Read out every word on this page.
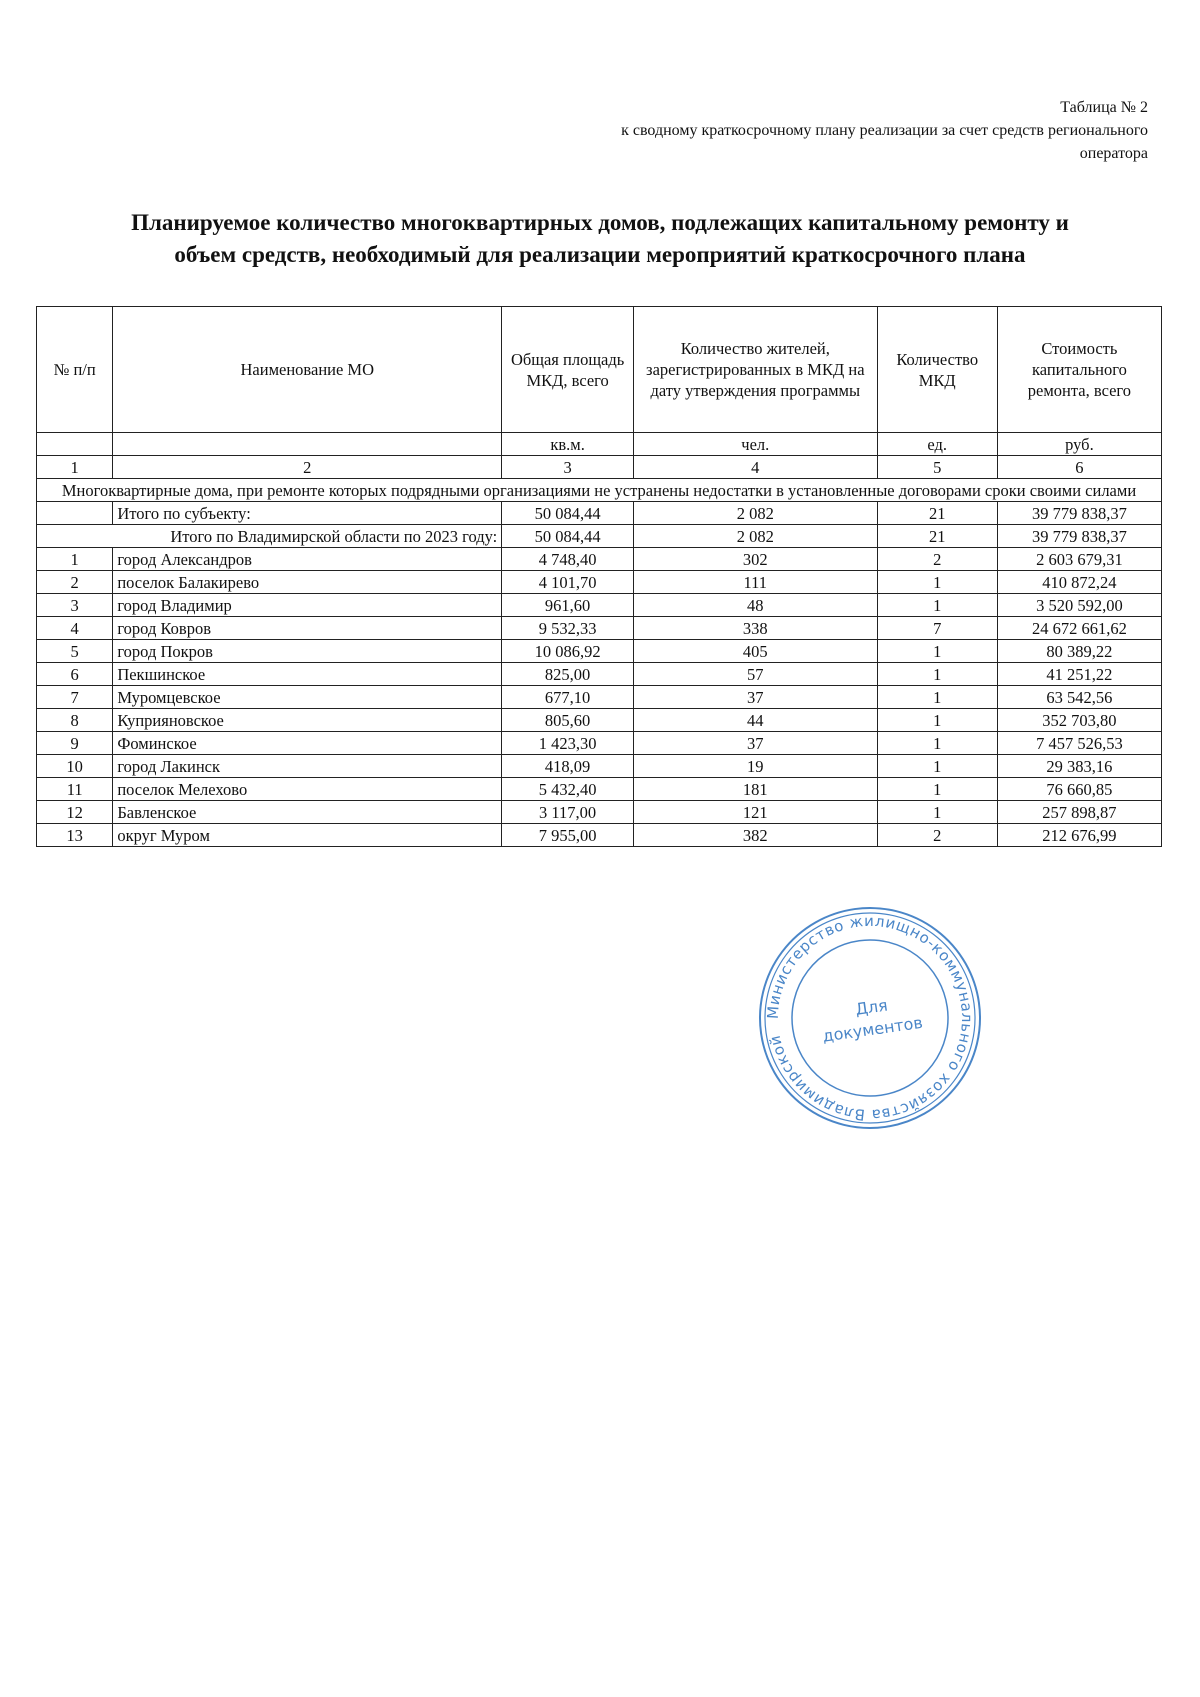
Таблица № 2
к сводному краткосрочному плану реализации за счет средств регионального
оператора
Планируемое количество многоквартирных домов, подлежащих капитальному ремонту и
объем средств, необходимый для реализации мероприятий краткосрочного плана
№ п/п	Наименование МО	Общая площадь МКД, всего	Количество жителей, зарегистрированных в МКД на дату утверждения программы	Количество МКД	Стоимость капитального ремонта, всего
		кв.м.	чел.	ед.	руб.
1	2	3	4	5	6
Многоквартирные дома, при ремонте которых подрядными организациями не устранены недостатки в установленные договорами сроки своими силами					
	Итого по субъекту:	50 084,44	2 082	21	39 779 838,37
Итого по Владимирской области по 2023 году:		50 084,44	2 082	21	39 779 838,37
1	город Александров	4 748,40	302	2	2 603 679,31
2	поселок Балакирево	4 101,70	111	1	410 872,24
3	город Владимир	961,60	48	1	3 520 592,00
4	город Ковров	9 532,33	338	7	24 672 661,62
5	город Покров	10 086,92	405	1	80 389,22
6	Пекшинское	825,00	57	1	41 251,22
7	Муромцевское	677,10	37	1	63 542,56
8	Куприяновское	805,60	44	1	352 703,80
9	Фоминское	1 423,30	37	1	7 457 526,53
10	город Лакинск	418,09	19	1	29 383,16
11	поселок Мелехово	5 432,40	181	1	76 660,85
12	Бавленское	3 117,00	121	1	257 898,87
13	округ Муром	7 955,00	382	2	212 676,99
Министерство жилищно-коммунального хозяйства Владимирской
Для
документов
